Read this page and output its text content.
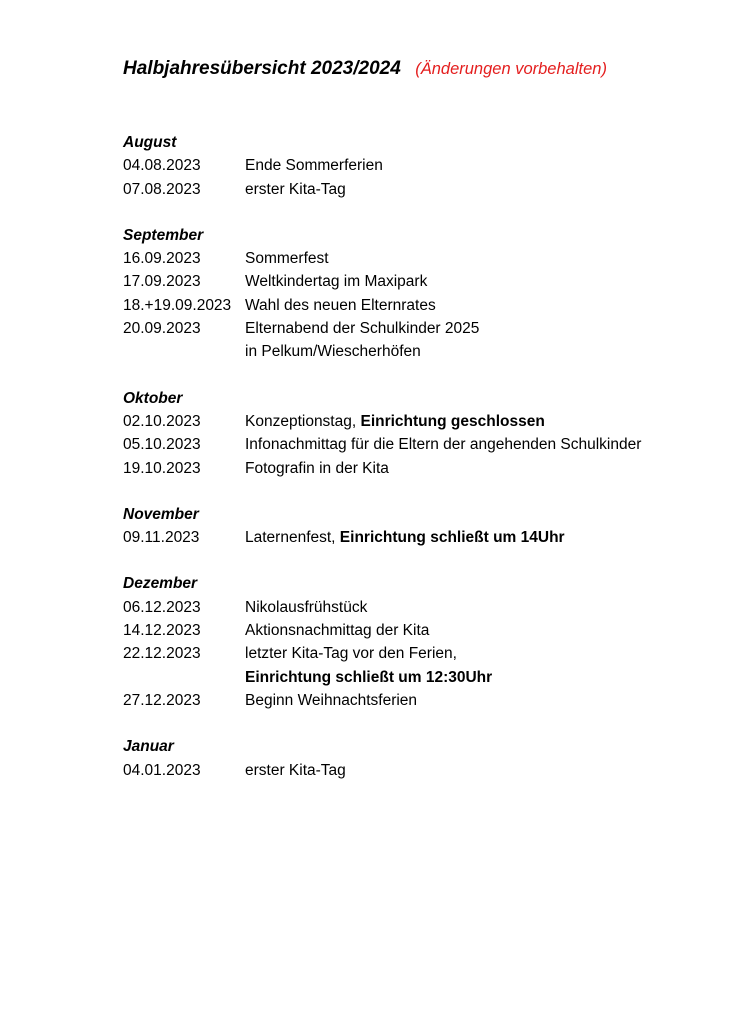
Halbjahresübersicht 2023/2024 (Änderungen vorbehalten)
August
04.08.2023	Ende Sommerferien
07.08.2023	erster Kita-Tag
September
16.09.2023	Sommerfest
17.09.2023	Weltkindertag im Maxipark
18.+19.09.2023 Wahl des neuen Elternrates
20.09.2023	Elternabend der Schulkinder 2025
in Pelkum/Wiescherhöfen
Oktober
02.10.2023	Konzeptionstag, Einrichtung geschlossen
05.10.2023	Infonachmittag für die Eltern der angehenden Schulkinder
19.10.2023	Fotografin in der Kita
November
09.11.2023	Laternenfest, Einrichtung schließt um 14Uhr
Dezember
06.12.2023	Nikolausfrühstück
14.12.2023	Aktionsnachmittag der Kita
22.12.2023	letzter Kita-Tag vor den Ferien,
Einrichtung schließt um 12:30Uhr
27.12.2023	Beginn Weihnachtsferien
Januar
04.01.2023	erster Kita-Tag
